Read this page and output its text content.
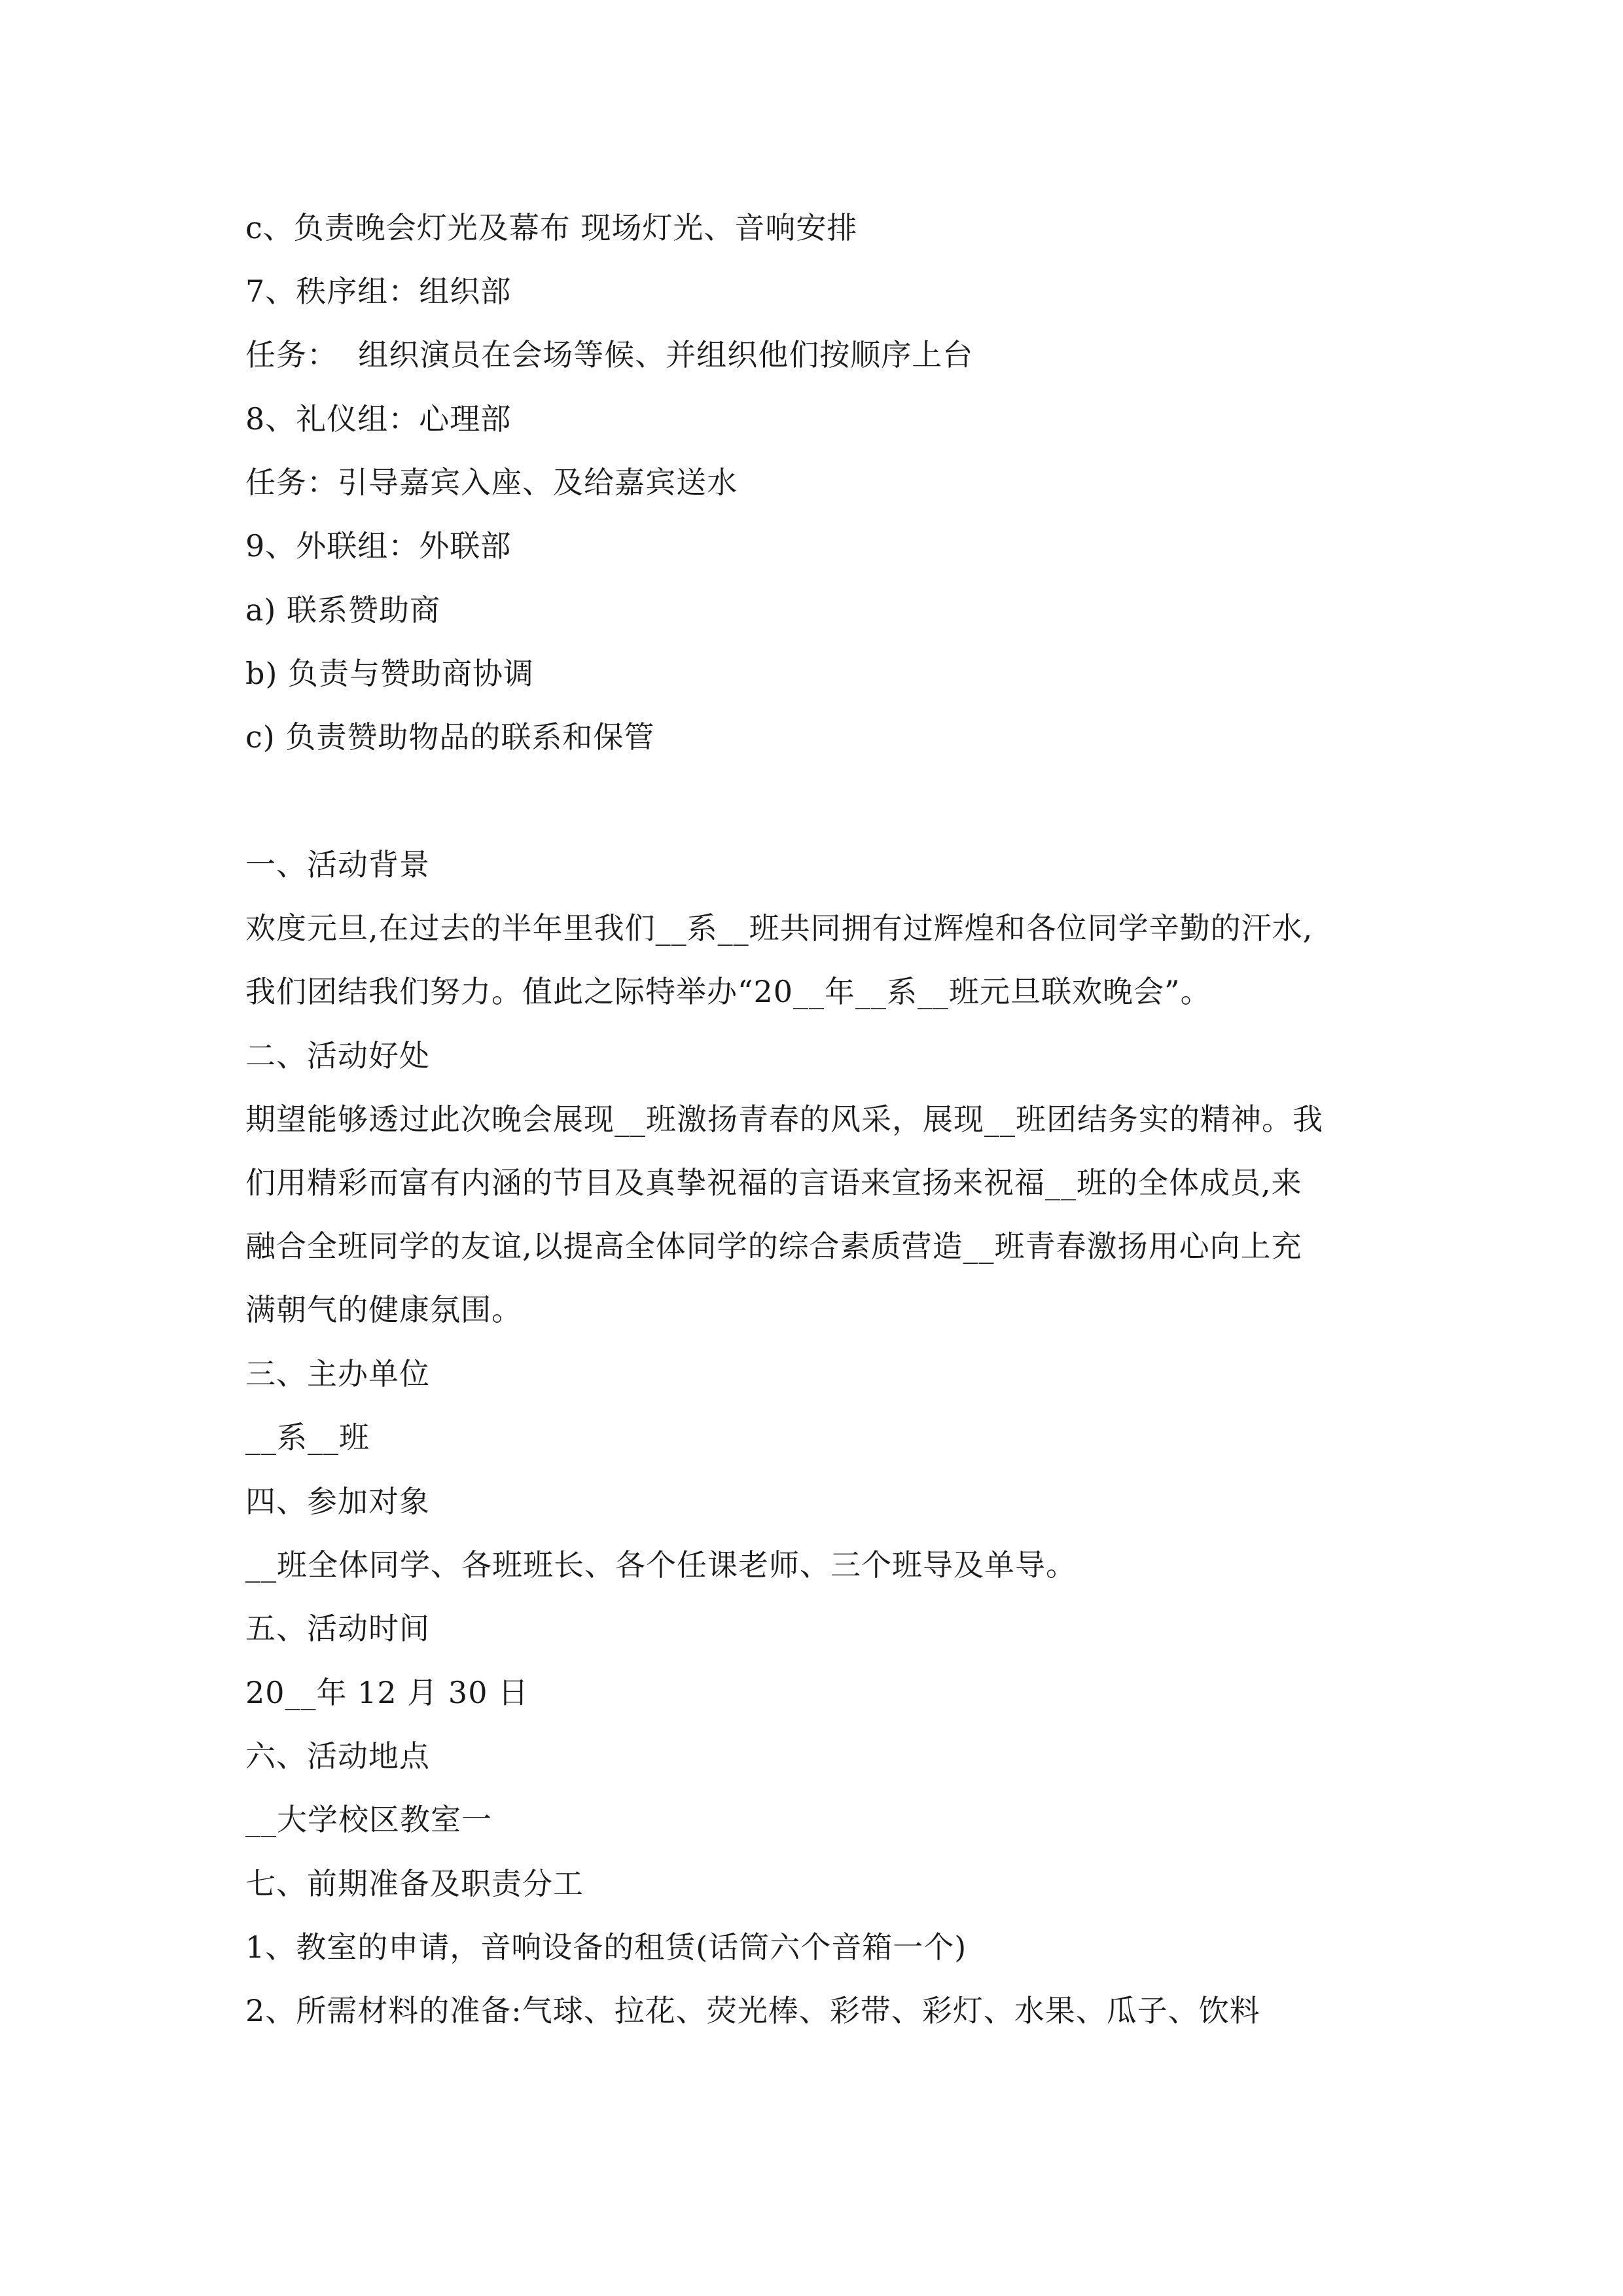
c、负责晚会灯光及幕布 现场灯光、音响安排
7、秩序组：组织部
任务：  组织演员在会场等候、并组织他们按顺序上台
8、礼仪组：心理部
任务：引导嘉宾入座、及给嘉宾送水
9、外联组：外联部
a) 联系赞助商
b) 负责与赞助商协调
c) 负责赞助物品的联系和保管
一、活动背景
欢度元旦,在过去的半年里我们__系__班共同拥有过辉煌和各位同学辛勤的汗水,
我们团结我们努力。值此之际特举办“20__年__系__班元旦联欢晚会”。
二、活动好处
期望能够透过此次晚会展现__班激扬青春的风采，展现__班团结务实的精神。我
们用精彩而富有内涵的节目及真挚祝福的言语来宣扬来祝福__班的全体成员,来
融合全班同学的友谊,以提高全体同学的综合素质营造__班青春激扬用心向上充
满朝气的健康氛围。
三、主办单位
__系__班
四、参加对象
__班全体同学、各班班长、各个任课老师、三个班导及单导。
五、活动时间
20__年 12 月 30 日
六、活动地点
__大学校区教室一
七、前期准备及职责分工
1、教室的申请，音响设备的租赁(话筒六个音箱一个)
2、所需材料的准备:气球、拉花、荧光棒、彩带、彩灯、水果、瓜子、饮料
